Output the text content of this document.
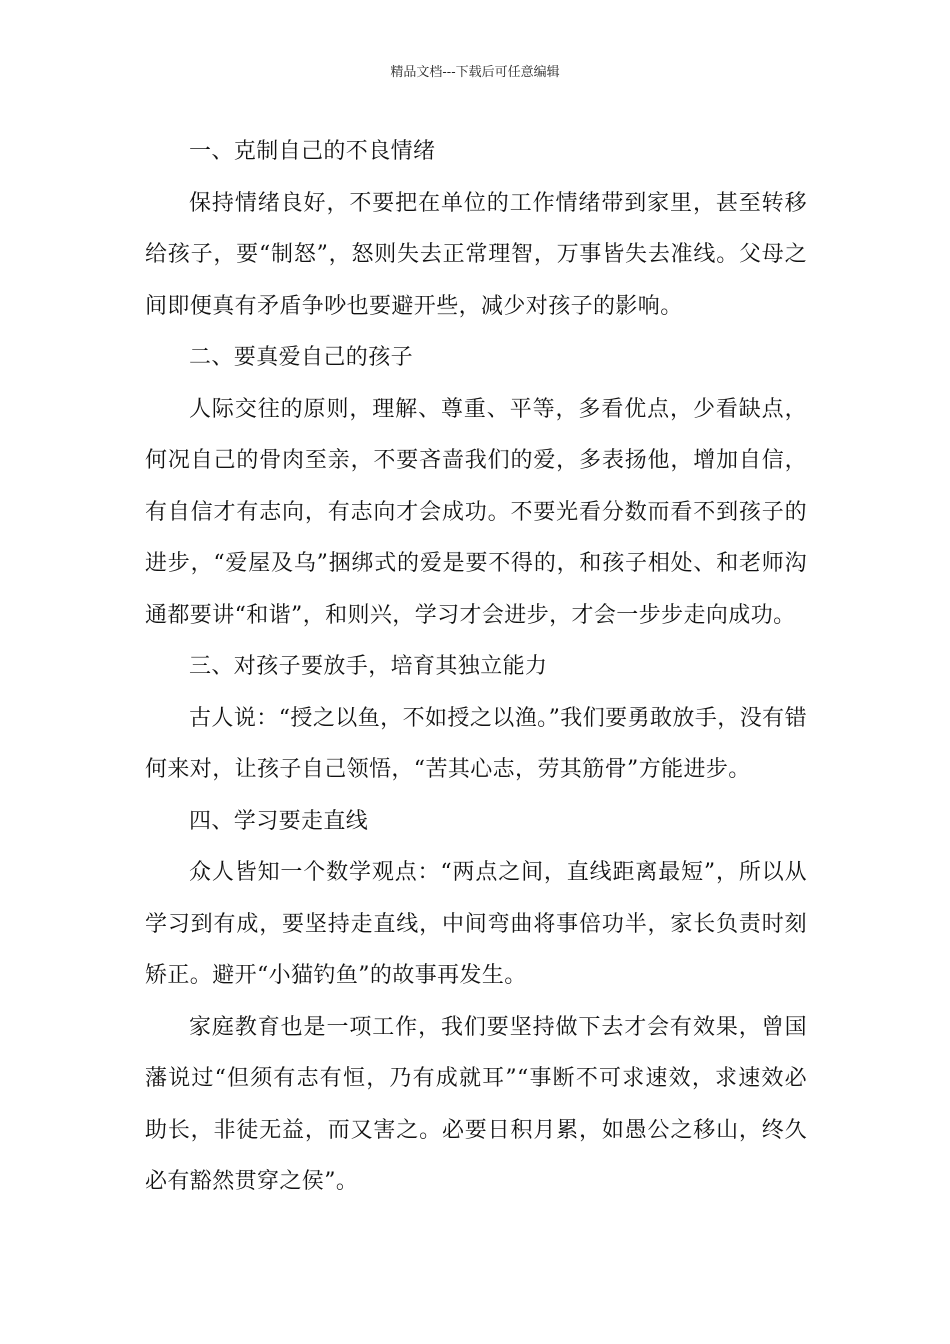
精品文档---下载后可任意编辑

一、克制自己的不良情绪

保持情绪良好，不要把在单位的工作情绪带到家里，甚至转移给孩子，要“制怒”，怒则失去正常理智，万事皆失去准线。父母之间即便真有矛盾争吵也要避开些，减少对孩子的影响。

二、要真爱自己的孩子

人际交往的原则，理解、尊重、平等，多看优点，少看缺点，何况自己的骨肉至亲，不要吝啬我们的爱，多表扬他，增加自信，有自信才有志向，有志向才会成功。不要光看分数而看不到孩子的进步，“爱屋及乌”捆绑式的爱是要不得的，和孩子相处、和老师沟通都要讲“和谐”，和则兴，学习才会进步，才会一步步走向成功。

三、对孩子要放手，培育其独立能力

古人说：“授之以鱼，不如授之以渔。”我们要勇敢放手，没有错何来对，让孩子自己领悟，“苦其心志，劳其筋骨”方能进步。

四、学习要走直线

众人皆知一个数学观点：“两点之间，直线距离最短”，所以从学习到有成，要坚持走直线，中间弯曲将事倍功半，家长负责时刻矫正。避开“小猫钓鱼”的故事再发生。

家庭教育也是一项工作，我们要坚持做下去才会有效果，曾国藩说过“但须有志有恒，乃有成就耳”“事断不可求速效，求速效必助长，非徒无益，而又害之。必要日积月累，如愚公之移山，终久必有豁然贯穿之侯”。
